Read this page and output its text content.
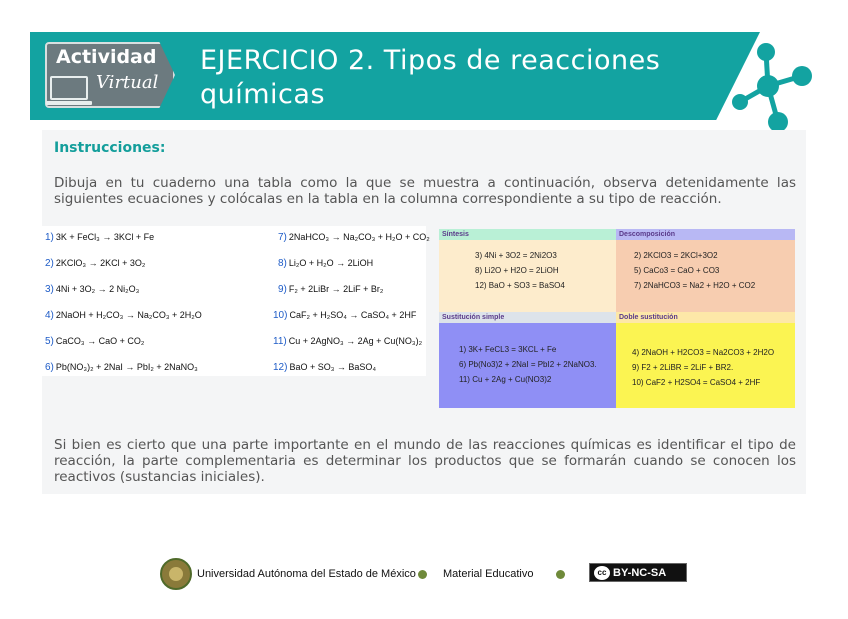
Actividad
Virtual
EJERCICIO 2. Tipos de reacciones químicas
Instrucciones:
Dibuja en tu cuaderno una tabla como la que se muestra a continuación, observa detenidamente las siguientes ecuaciones y colócalas en la tabla en la columna correspondiente a su tipo de reacción.
1) 3K + FeCl₃ → 3KCl + Fe
2) 2KClO₃ → 2KCl + 3O₂
3) 4Ni + 3O₂ → 2 Ni₂O₃
4) 2NaOH + H₂CO₃ → Na₂CO₃ + 2H₂O
5) CaCO₃ → CaO + CO₂
6) Pb(NO₃)₂ + 2NaI → PbI₂ + 2NaNO₃
7) 2NaHCO₃ → Na₂CO₃ + H₂O + CO₂
8) Li₂O + H₂O → 2LiOH
9) F₂ + 2LiBr → 2LiF + Br₂
10) CaF₂ + H₂SO₄ → CaSO₄ + 2HF
11) Cu + 2AgNO₃ → 2Ag + Cu(NO₃)₂
12) BaO + SO₃ → BaSO₄
Síntesis
3) 4Ni + 3O2 = 2Ni2O3
8) Li2O + H2O = 2LiOH
12) BaO + SO3 = BaSO4
Descomposición
2) 2KClO3 = 2KCl+3O2
5) CaCo3 = CaO + CO3
7) 2NaHCO3 = Na2 + H2O + CO2
Sustitución simple
1) 3K+ FeCL3 = 3KCL + Fe
6) Pb(No3)2 + 2NaI = PbI2 + 2NaNO3.
11) Cu + 2Ag + Cu(NO3)2
Doble sustitución
4) 2NaOH + H2CO3 = Na2CO3 + 2H2O
9) F2 + 2LiBR = 2LiF + BR2.
10) CaF2 + H2SO4 = CaSO4 + 2HF
Si bien es cierto que una parte importante en el mundo de las reacciones químicas es identificar el tipo de reacción, la parte complementaria es determinar los productos que se formarán cuando se conocen los reactivos (sustancias iniciales).
Universidad Autónoma del Estado de México Material Educativo	cc BY-NC-SA
